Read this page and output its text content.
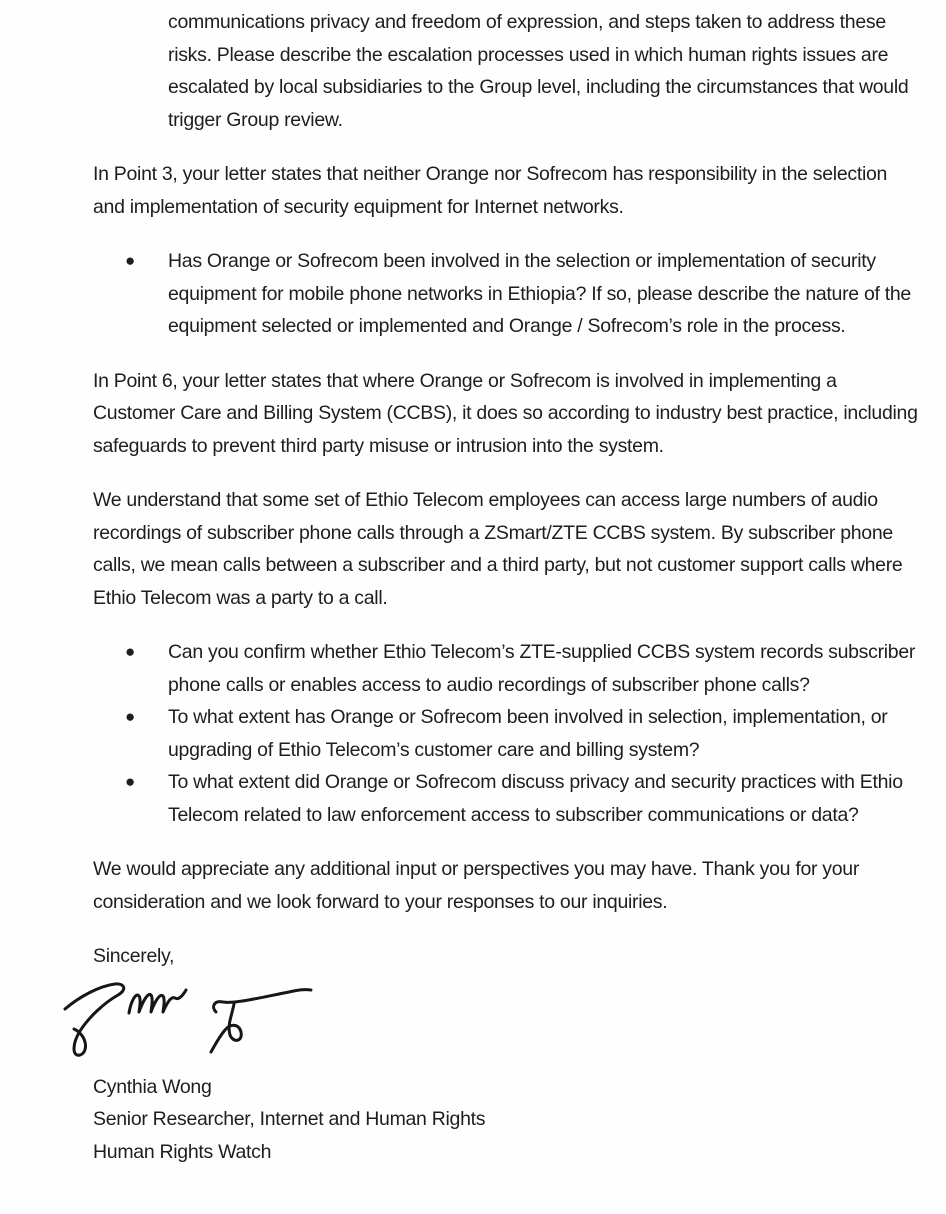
communications privacy and freedom of expression, and steps taken to address these risks. Please describe the escalation processes used in which human rights issues are escalated by local subsidiaries to the Group level, including the circumstances that would trigger Group review.

In Point 3, your letter states that neither Orange nor Sofrecom has responsibility in the selection and implementation of security equipment for Internet networks.

●	Has Orange or Sofrecom been involved in the selection or implementation of security equipment for mobile phone networks in Ethiopia? If so, please describe the nature of the equipment selected or implemented and Orange / Sofrecom’s role in the process.

In Point 6, your letter states that where Orange or Sofrecom is involved in implementing a Customer Care and Billing System (CCBS), it does so according to industry best practice, including safeguards to prevent third party misuse or intrusion into the system.

We understand that some set of Ethio Telecom employees can access large numbers of audio recordings of subscriber phone calls through a ZSmart/ZTE CCBS system. By subscriber phone calls, we mean calls between a subscriber and a third party, but not customer support calls where Ethio Telecom was a party to a call.

●	Can you confirm whether Ethio Telecom’s ZTE-supplied CCBS system records subscriber phone calls or enables access to audio recordings of subscriber phone calls?
●	To what extent has Orange or Sofrecom been involved in selection, implementation, or upgrading of Ethio Telecom’s customer care and billing system?
●	To what extent did Orange or Sofrecom discuss privacy and security practices with Ethio Telecom related to law enforcement access to subscriber communications or data?

We would appreciate any additional input or perspectives you may have. Thank you for your consideration and we look forward to your responses to our inquiries.

Sincerely,

Cynthia Wong

Senior Researcher, Internet and Human Rights

Human Rights Watch
